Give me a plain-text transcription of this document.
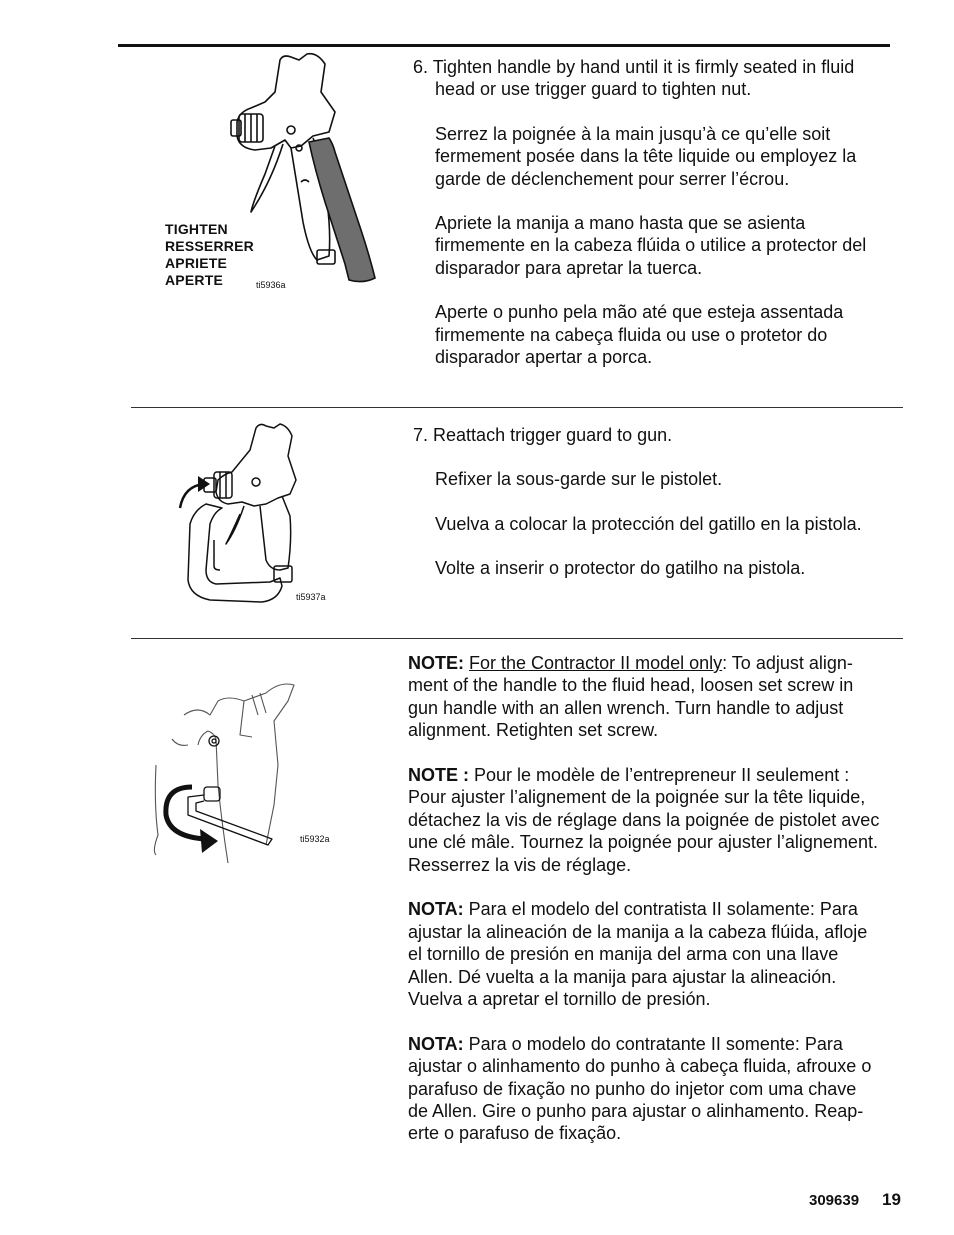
TIGHTEN
RESSERRER
APRIETE
APERTE	ti5936a
6. Tighten handle by hand until it is firmly seated in fluid
head or use trigger guard to tighten nut.
Serrez la poignée à la main jusqu’à ce qu’elle soit
fermement posée dans la tête liquide ou employez la
garde de déclenchement pour serrer l’écrou.
Apriete la manija a mano hasta que se asienta
firmemente en la cabeza flúida o utilice a protector del
disparador para apretar la tuerca.
Aperte o punho pela mão até que esteja assentada
firmemente na cabeça fluida ou use o protetor do
disparador apertar a porca.
ti5937a
7. Reattach trigger guard to gun.
Refixer la sous-garde sur le pistolet.
Vuelva a colocar la protección del gatillo en la pistola.
Volte a inserir o protector do gatilho na pistola.
ti5932a
NOTE: For the Contractor II model only: To adjust align-
ment of the handle to the fluid head, loosen set screw in
gun handle with an allen wrench. Turn handle to adjust
alignment. Retighten set screw.
NOTE : Pour le modèle de l’entrepreneur II seulement :
Pour ajuster l’alignement de la poignée sur la tête liquide,
détachez la vis de réglage dans la poignée de pistolet avec
une clé mâle. Tournez la poignée pour ajuster l’alignement.
Resserrez la vis de réglage.
NOTA: Para el modelo del contratista II solamente: Para
ajustar la alineación de la manija a la cabeza flúida, afloje
el tornillo de presión en manija del arma con una llave
Allen. Dé vuelta a la manija para ajustar la alineación.
Vuelva a apretar el tornillo de presión.
NOTA: Para o modelo do contratante II somente: Para
ajustar o alinhamento do punho à cabeça fluida, afrouxe o
parafuso de fixação no punho do injetor com uma chave
de Allen. Gire o punho para ajustar o alinhamento. Reap-
erte o parafuso de fixação.
309639 19
